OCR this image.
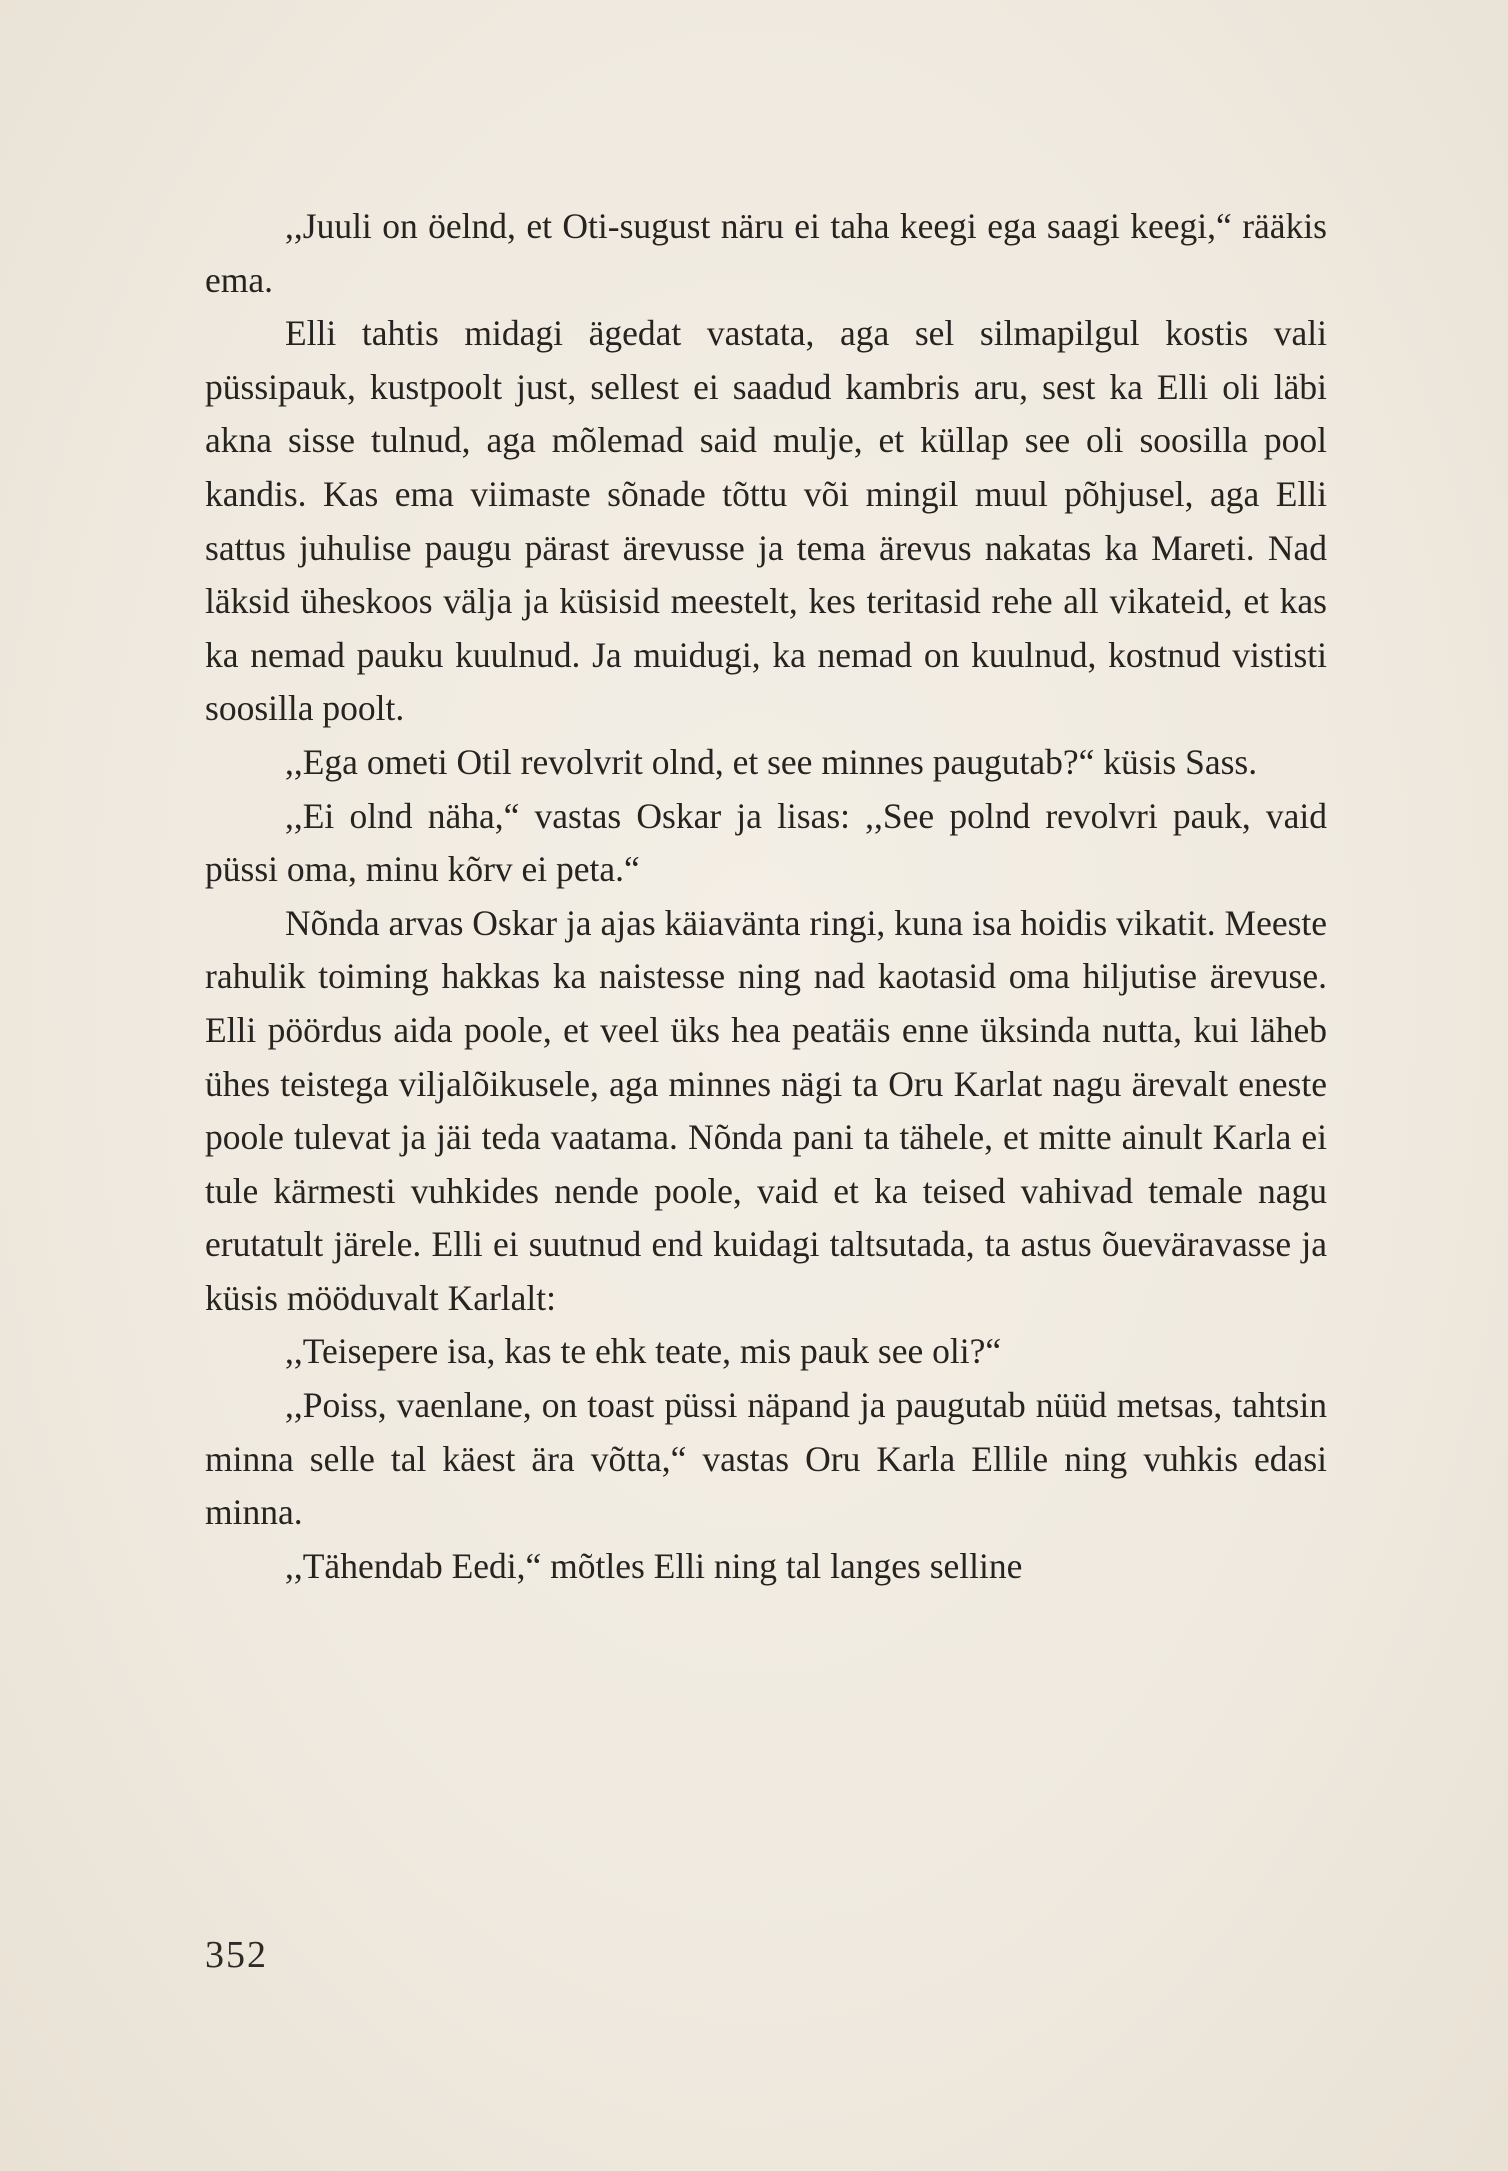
,,Juuli on öelnd, et Oti-sugust näru ei taha keegi ega saagi keegi,“ rääkis ema.

Elli tahtis midagi ägedat vastata, aga sel silmapilgul kostis vali püssipauk, kustpoolt just, sellest ei saadud kambris aru, sest ka Elli oli läbi akna sisse tulnud, aga mõlemad said mulje, et küllap see oli soosilla pool kandis. Kas ema viimaste sõnade tõttu või mingil muul põhjusel, aga Elli sattus juhulise paugu pärast ärevusse ja tema ärevus nakatas ka Mareti. Nad läksid üheskoos välja ja küsisid meestelt, kes teritasid rehe all vikateid, et kas ka nemad pauku kuulnud. Ja muidugi, ka nemad on kuulnud, kostnud vististi soosilla poolt.

,,Ega ometi Otil revolvrit olnd, et see minnes paugutab?“ küsis Sass.

,,Ei olnd näha,“ vastas Oskar ja lisas: ,,See polnd revolvri pauk, vaid püssi oma, minu kõrv ei peta.“

Nõnda arvas Oskar ja ajas käiavänta ringi, kuna isa hoidis vikatit. Meeste rahulik toiming hakkas ka naistesse ning nad kaotasid oma hiljutise ärevuse. Elli pöördus aida poole, et veel üks hea peatäis enne üksinda nutta, kui läheb ühes teistega viljalõikusele, aga minnes nägi ta Oru Karlat nagu ärevalt eneste poole tulevat ja jäi teda vaatama. Nõnda pani ta tähele, et mitte ainult Karla ei tule kärmesti vuhkides nende poole, vaid et ka teised vahivad temale nagu erutatult järele. Elli ei suutnud end kuidagi taltsutada, ta astus õueväravasse ja küsis mööduvalt Karlalt:

,,Teisepere isa, kas te ehk teate, mis pauk see oli?“

,,Poiss, vaenlane, on toast püssi näpand ja paugutab nüüd metsas, tahtsin minna selle tal käest ära võtta,“ vastas Oru Karla Ellile ning vuhkis edasi minna.

,,Tähendab Eedi,“ mõtles Elli ning tal langes selline

352
